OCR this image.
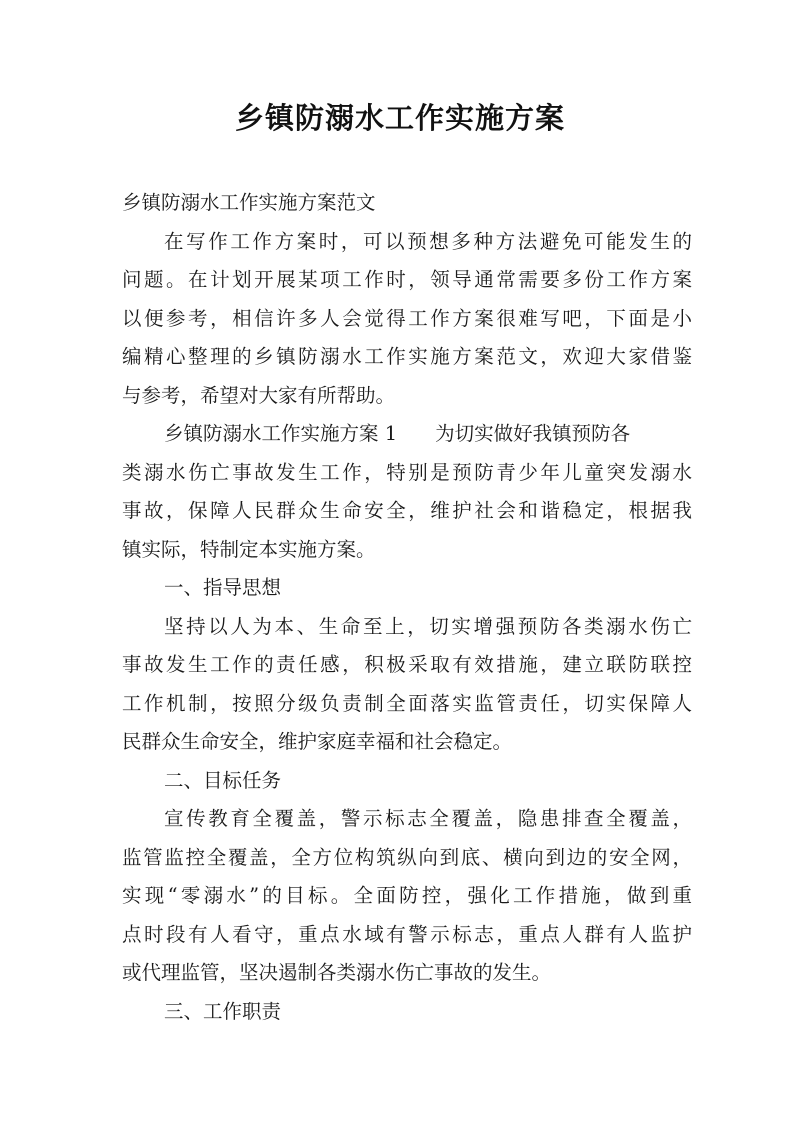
乡镇防溺水工作实施方案
乡镇防溺水工作实施方案范文
在写作工作方案时，可以预想多种方法避免可能发生的
问题。在计划开展某项工作时，领导通常需要多份工作方案
以便参考，相信许多人会觉得工作方案很难写吧，下面是小
编精心整理的乡镇防溺水工作实施方案范文，欢迎大家借鉴
与参考，希望对大家有所帮助。
乡镇防溺水工作实施方案 1 为切实做好我镇预防各
类溺水伤亡事故发生工作，特别是预防青少年儿童突发溺水
事故，保障人民群众生命安全，维护社会和谐稳定，根据我
镇实际，特制定本实施方案。
一、指导思想
坚持以人为本、生命至上，切实增强预防各类溺水伤亡
事故发生工作的责任感，积极采取有效措施，建立联防联控
工作机制，按照分级负责制全面落实监管责任，切实保障人
民群众生命安全，维护家庭幸福和社会稳定。
二、目标任务
宣传教育全覆盖，警示标志全覆盖，隐患排查全覆盖，
监管监控全覆盖，全方位构筑纵向到底、横向到边的安全网，
实现“零溺水”的目标。全面防控，强化工作措施，做到重
点时段有人看守，重点水域有警示标志，重点人群有人监护
或代理监管，坚决遏制各类溺水伤亡事故的发生。
三、工作职责
